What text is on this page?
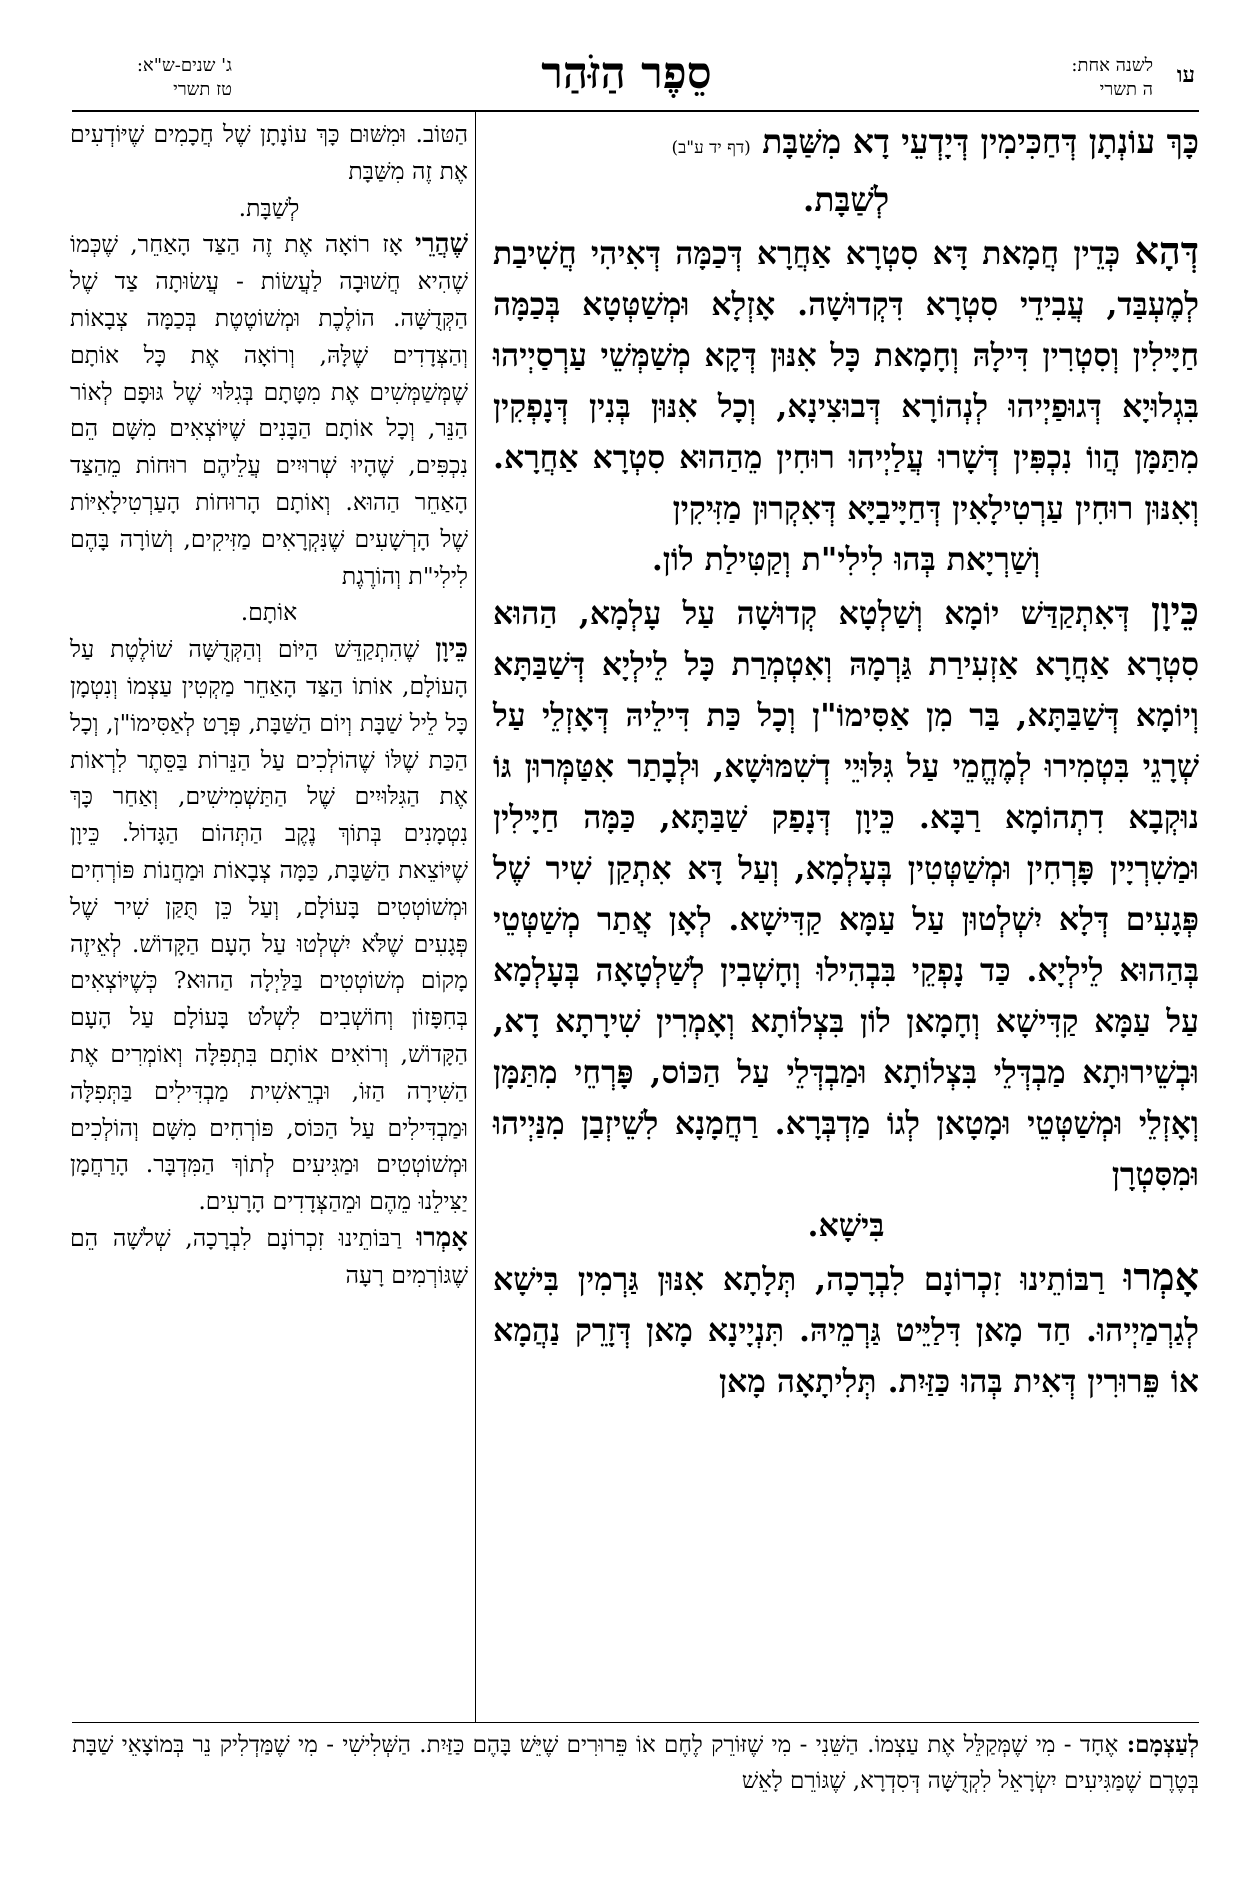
עו
לשנה אחת:
ה תשרי
סֵפֶר הַזֹּהַר
ג' שנים-ש"א:
טז תשרי
כָּךְ עוֹנְתָן דְּחַכִּימִין דְּיָדְעֵי דָא מִשַּׁבָּת (דף יד ע"ב)
לְשַׁבָּת.
דְּהָא כְּדֵין חֲמָאת דָּא סִטְרָא אַחֲרָא דְּכַמָּה דְּאִיהִי חֲשִׁיבַת לְמֶעְבַּד, עֲבִידֵי סִטְרָא דִּקְדוּשָׁה. אָזְלָא וּמְשַׁטְּטָא בְּכַמָּה חַיָּילִין וְסִטְרִין דִּילָהּ וְחָמָאת כָּל אִנּוּן דְּקָא מְשַׁמְּשֵׁי עַרְסַיְיהוּ בִּגְלוּיָא דְּגוּפַיְיהוּ לְנְהוֹרָא דְּבוּצִינָא, וְכָל אִנּוּן בְּנִין דְּנָפְקִין מִתַּמָּן הֲווֹ נִכְפִּין דְּשָׁרוּ עֲלַיְיהוּ רוּחִין מֵהַהוּא סִטְרָא אַחֲרָא. וְאִנּוּן רוּחִין עַרְטִילָאִין דְּחַיָּיבַיָּא דְּאִקְרוּן מַזִּיקִין
וְשַׁרְיָאת בְּהוּ לִילִי"ת וְקַטִּילַת לוֹן.
כֵּיוָן דְּאִתְקַדַּשׁ יוֹמָא וְשַׁלְטָא קְדוּשָׁה עַל עָלְמָא, הַהוּא סִטְרָא אַחֲרָא אַזְעִירַת גַּרְמָהּ וְאִטְמְרַת כָּל לֵילְיָא דְּשַׁבַּתָּא וְיוֹמָא דְּשַׁבַּתָּא, בַּר מִן אַסִּימוֹ"ן וְכָל כַּת דִּילֵיהּ דְּאָזְלֵי עַל שְׁרָגֵי בִּטְמִירוּ לְמֶחֱמֵי עַל גִּלּוּיֵי דְשִׁמּוּשָׁא, וּלְבָתַר אִטַּמְּרוּן גּוֹ נוּקְבָא דִתְהוֹמָא רַבָּא. כֵּיוָן דְּנָפַק שַׁבַּתָּא, כַּמָּה חַיָּילִין וּמַשִׁרְיָין פָּרְחִין וּמְשַׁטְּטִין בְּעָלְמָא, וְעַל דָּא אִתְקַן שִׁיר שֶׁל פְּגָעִים דְּלָא יִשְׁלְטוּן עַל עַמָּא קַדִּישָׁא. לְאָן אֲתַר מְשַׁטְּטֵי בְּהַהוּא לֵילְיָא. כַּד נָפְקֵי בִּבְהִילוּ וְחָשְׁבִין לְשַׁלְטָאָה בְּעָלְמָא עַל עַמָּא קַדִּישָׁא וְחָמָאן לוֹן בִּצְלוֹתָא וְאָמְרִין שִׁירָתָא דָא, וּבְשֵׁירוּתָא מַבְדְּלֵי בִּצְלוֹתָא וּמַבְדְּלֵי עַל הַכּוֹס, פָּרְחֵי מִתַּמָּן וְאָזְלֵי וּמְשַׁטְּטֵי וּמָטָאן לְגוֹ מַדְבְּרָא. רַחֲמָנָא לִשֵׁיזְבַן מִנַּיְיהוּ וּמִסִּטְרָן
בִּישָׁא.
אָמְרוּ רַבּוֹתֵינוּ זִכְרוֹנָם לִבְרָכָה, תְּלָתָא אִנּוּן גַּרְמִין בִּישָׁא לְגַרְמַיְיהוּ. חַד מָאן דִּלַיֵּיט גַּרְמֵיהּ. תִּנְיָינָא מָאן דְּזָרֵק נַהֲמָא אוֹ פֵּרוּרִין דְּאִית בְּהוּ כַּזַּיִת. תְּלִיתָאָה מָאן
הַטּוֹב. וּמִשּׁוּם כָּךְ עוֹנָתָן שֶׁל חֲכָמִים שֶׁיּוֹדְעִים אֶת זֶה מִשַּׁבָּת
לְשַׁבָּת.
שֶׁהֲרֵי אָז רוֹאָה אֶת זֶה הַצַּד הָאַחֵר, שֶׁכְּמוֹ שֶׁהִיא חֲשׁוּבָה לַעֲשׂוֹת - עֲשׂוּתָה צַד שֶׁל הַקְּדֻשָּׁה. הוֹלֶכֶת וּמְשׁוֹטֶטֶת בְּכַמָּה צְבָאוֹת וְהַצְּדָדִים שֶׁלָּהּ, וְרוֹאָה אֶת כָּל אוֹתָם שֶׁמְּשַׁמְּשִׁים אֶת מִטָּתָם בְּגִלּוּי שֶׁל גּוּפָם לְאוֹר הַנֵּר, וְכָל אוֹתָם הַבָּנִים שֶׁיּוֹצְאִים מִשָּׁם הֵם נִכְפִּים, שֶׁהָיוּ שְׁרוּיִים עֲלֵיהֶם רוּחוֹת מֵהַצַּד הָאַחֵר הַהוּא. וְאוֹתָם הָרוּחוֹת הָעַרְטִילָאִיּוֹת שֶׁל הָרְשָׁעִים שֶׁנִּקְרָאִים מַזִּיקִים, וְשׁוֹרָה בָּהֶם לִילִי"ת וְהוֹרֶגֶת
אוֹתָם.
כֵּיוָן שֶׁהִתְקַדֵּשׁ הַיּוֹם וְהַקְּדֻשָּׁה שׁוֹלֶטֶת עַל הָעוֹלָם, אוֹתוֹ הַצַּד הָאַחֵר מַקְטִין עַצְמוֹ וְנִטְמָן כָּל לֵיל שַׁבָּת וְיוֹם הַשַּׁבָּת, פְּרָט לְאַסִּימוֹ"ן, וְכָל הַכַּת שֶׁלּוֹ שֶׁהוֹלְכִים עַל הַנֵּרוֹת בַּסֵּתֶר לִרְאוֹת אֶת הַגִּלּוּיִים שֶׁל הַתַּשְׁמִישִׁים, וְאַחַר כָּךְ נִטְמָנִים בְּתוֹךְ נֶקֶב הַתְּהוֹם הַגָּדוֹל. כֵּיוָן שֶׁיּוֹצֵאת הַשַּׁבָּת, כַּמָּה צְבָאוֹת וּמַחֲנוֹת פּוֹרְחִים וּמְשׁוֹטְטִים בָּעוֹלָם, וְעַל כֵּן תֻּקַּן שִׁיר שֶׁל פְּגָעִים שֶׁלֹּא יִשְׁלְטוּ עַל הָעָם הַקָּדוֹשׁ. לְאֵיזֶה מָקוֹם מְשׁוֹטְטִים בַּלַּיְלָה הַהוּא? כְּשֶׁיּוֹצְאִים בְּחִפָּזוֹן וְחוֹשְׁבִים לִשְׁלֹט בָּעוֹלָם עַל הָעָם הַקָּדוֹשׁ, וְרוֹאִים אוֹתָם בִּתְפִלָּה וְאוֹמְרִים אֶת הַשִּׁירָה הַזּוֹ, וּבְרֵאשִׁית מַבְדִּילִים בַּתְּפִלָּה וּמַבְדִּילִים עַל הַכּוֹס, פּוֹרְחִים מִשָּׁם וְהוֹלְכִים וּמְשׁוֹטְטִים וּמַגִּיעִים לְתוֹךְ הַמִּדְבָּר. הָרַחֲמָן יַצִּילֵנוּ מֵהֶם וּמֵהַצְּדָדִים הָרָעִים.
אָמְרוּ רַבּוֹתֵינוּ זִכְרוֹנָם לִבְרָכָה, שְׁלֹשָׁה הֵם שֶׁגּוֹרְמִים רָעָה
לְעַצְמָם: אֶחָד - מִי שֶׁמְּקַלֵּל אֶת עַצְמוֹ. הַשֵּׁנִי - מִי שֶׁזּוֹרֵק לֶחֶם אוֹ פֵּרוּרִים שֶׁיֵּשׁ בָּהֶם כַּזַּיִת. הַשְּׁלִישִׁי - מִי שֶׁמַּדְלִיק נֵר בְּמוֹצָאֵי שַׁבָּת בְּטֶרֶם שֶׁמַּגִּיעִים יִשְׂרָאֵל לִקְדֻשָּׁה דְּסִדְרָא, שֶׁגּוֹרֵם לָאֵשׁ
